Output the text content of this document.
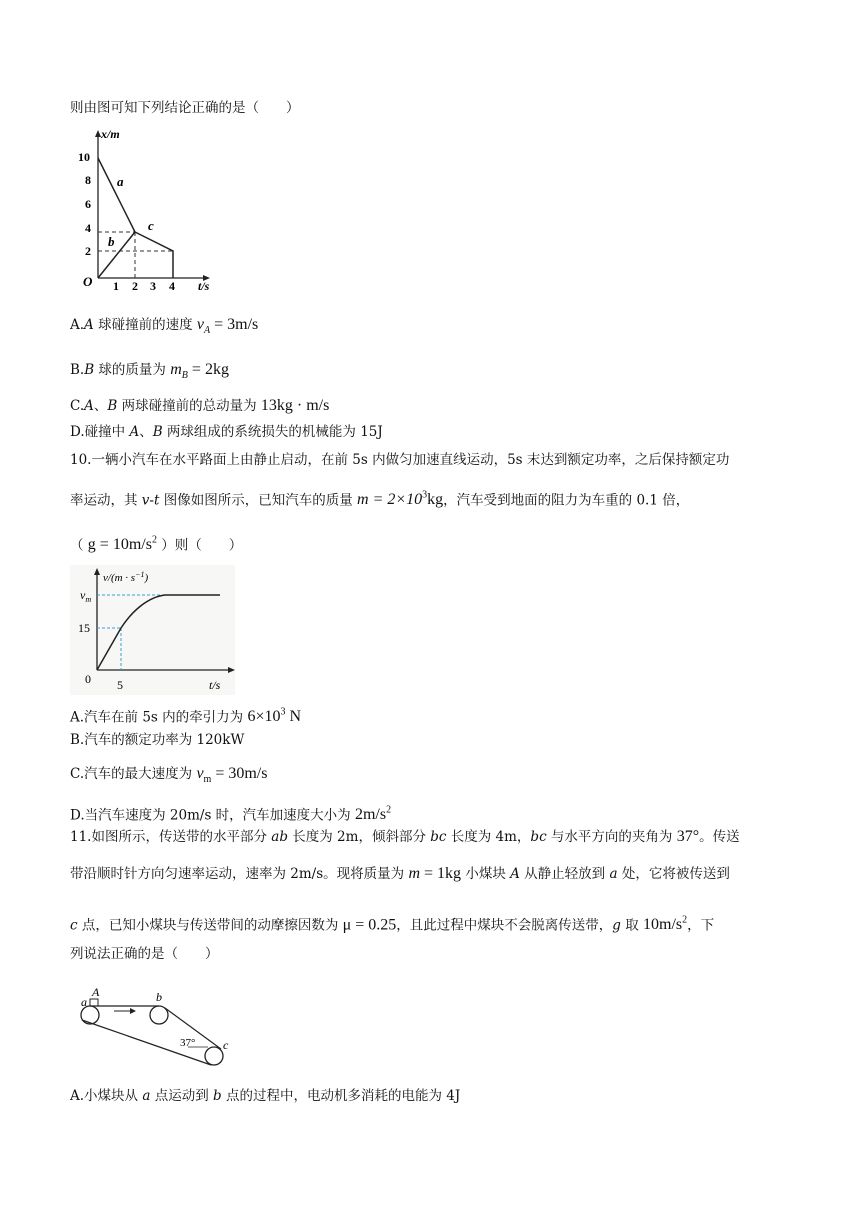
则由图可知下列结论正确的是（　　）
x/m
t/s
O
10
8
6
4
2
1 2 3 4
a
b
c
A.A 球碰撞前的速度 $v_A = 3m/s$
B.B 球的质量为 $m_B = 2kg$
C.A、B 两球碰撞前的总动量为 13kg · m/s
D.碰撞中 A、B 两球组成的系统损失的机械能为 15J
10.一辆小汽车在水平路面上由静止启动，在前 5s 内做匀加速直线运动，5s 末达到额定功率，之后保持额定功
率运动，其 v-t 图像如图所示，已知汽车的质量 $m = 2\times 10^3kg$，汽车受到地面的阻力为车重的 0.1 倍，
（ $g = 10m/s^2$ ）则（　　）
$v/(m \cdot s^{-1})$
$v_m$
15
0 5	t/s
A.汽车在前 5s 内的牵引力为 $6\times 10^3$ N
B.汽车的额定功率为 120kW
C.汽车的最大速度为 $v_m = 30m/s$
D.当汽车速度为 20m/s 时，汽车加速度大小为 $2m/s^2$
11.如图所示，传送带的水平部分 ab 长度为 2m，倾斜部分 bc 长度为 4m，bc 与水平方向的夹角为 37°。传送
带沿顺时针方向匀速率运动，速率为 2m/s。现将质量为 m = 1kg 小煤块 A 从静止轻放到 a 处，它将被传送到
c 点，已知小煤块与传送带间的动摩擦因数为 μ = 0.25，且此过程中煤块不会脱离传送带，g 取 $10m/s^2$，下
列说法正确的是（　　）
A
a	b
c
37°
A.小煤块从 a 点运动到 b 点的过程中，电动机多消耗的电能为 4J
